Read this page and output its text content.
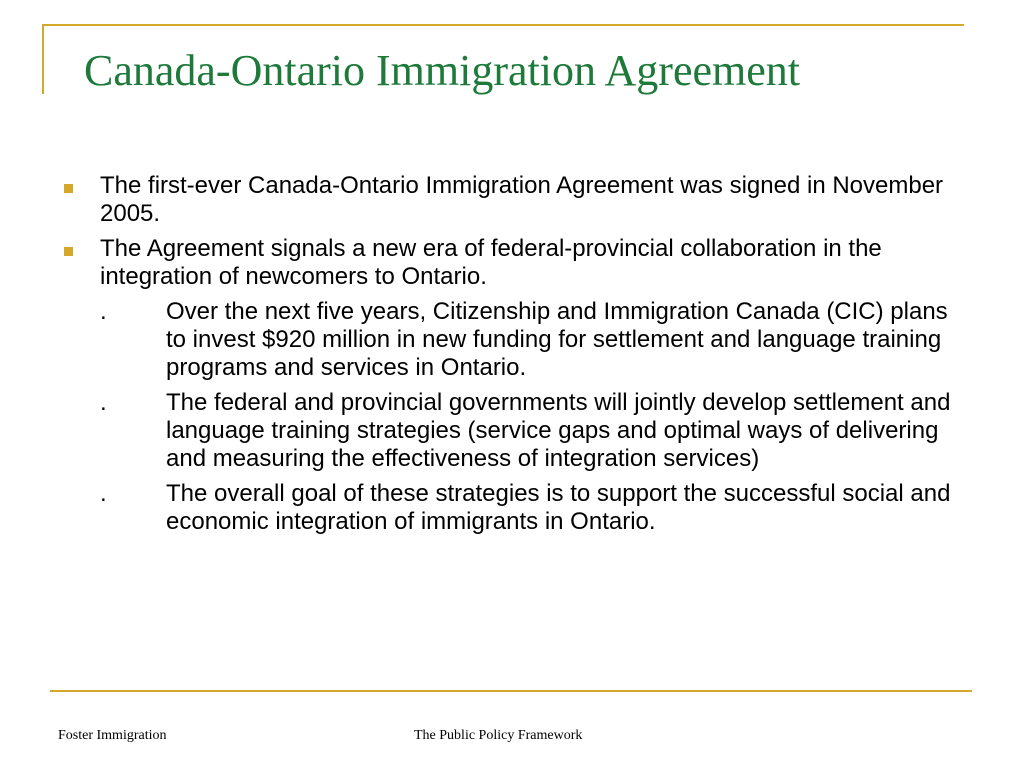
Canada-Ontario Immigration Agreement
The first-ever Canada-Ontario Immigration Agreement was signed in November 2005.
The Agreement signals a new era of federal-provincial collaboration in the integration of newcomers to Ontario.
.	Over the next five years, Citizenship and Immigration Canada (CIC) plans to invest $920 million in new funding for settlement and language training programs and services in Ontario.
.	The federal and provincial governments will jointly develop settlement and language training strategies (service gaps and optimal ways of delivering and measuring the effectiveness of integration services)
.	The overall goal of these strategies is to support the successful social and economic integration of immigrants in Ontario.
Foster Immigration	The Public Policy Framework
